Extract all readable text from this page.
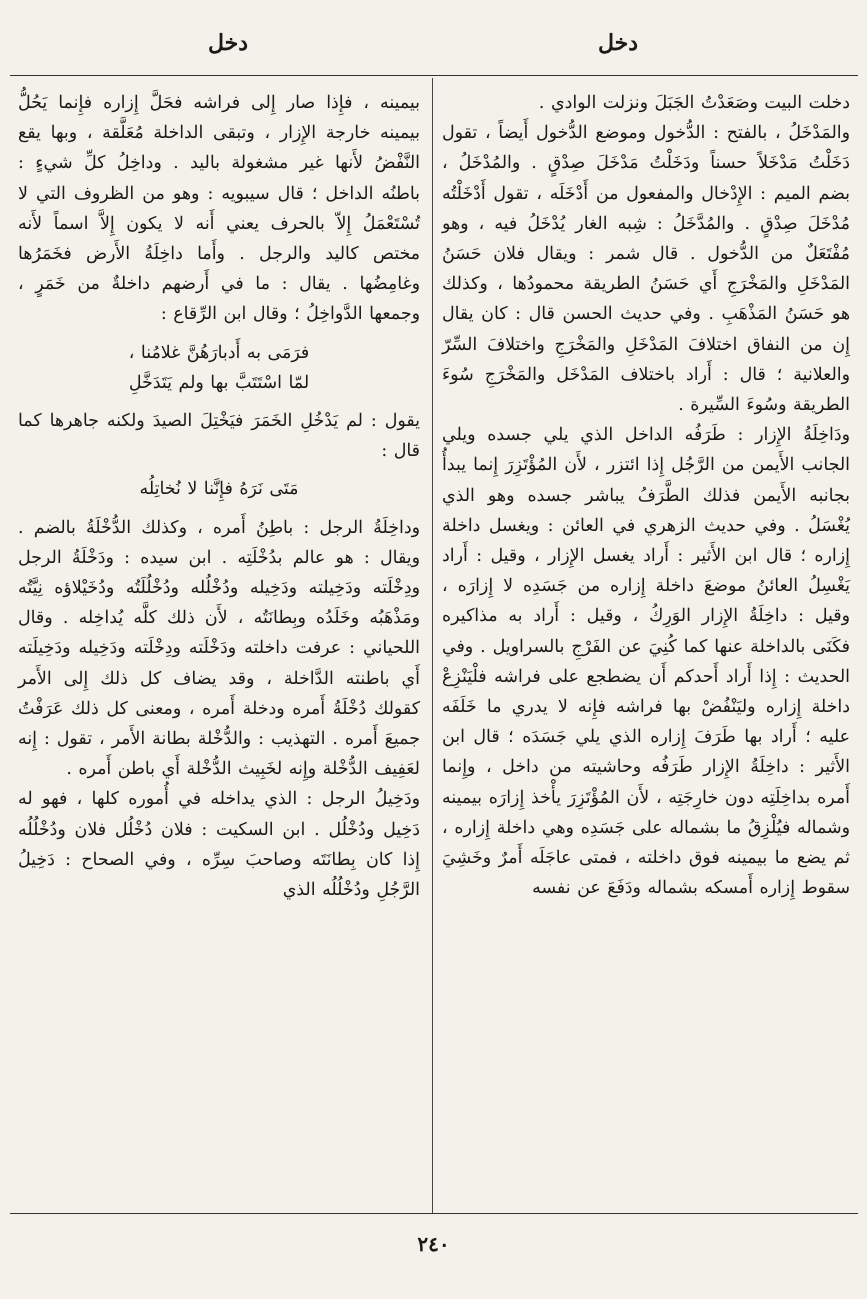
دخل
دخل

دخلت البيت وصَعَدْتُ الجَبَلَ ونزلت الوادي .

والمَدْخَلُ ، بالفتح : الدُّخول وموضع الدُّخول أَيضاً ، تقول دَخَلْتُ مَدْخَلاً حسناً ودَخَلْتُ مَدْخَلَ صِدْقٍ . والمُدْخَلُ ، بضم الميم : الإِدْخال والمفعول من أَدْخَلَه ، تقول أَدْخَلْتُه مُدْخَلَ صِدْقٍ . والمُدَّخَلُ : شِبه الغار يُدْخَلُ فيه ، وهو مُفْتَعَلٌ من الدُّخول . قال شمر : ويقال فلان حَسَنُ المَدْخَلِ والمَخْرَجِ أَي حَسَنُ الطريقة محمودُها ، وكذلك هو حَسَنُ المَذْهَبِ . وفي حديث الحسن قال : كان يقال إِن من النفاق اختلافَ المَدْخَلِ والمَخْرَجِ واختلافَ السِّرّ والعلانية ؛ قال : أَراد باختلاف المَدْخَل والمَخْرَجِ سُوءَ الطريقة وسُوءَ السِّيرة .

ودَاخِلَةُ الإِزار : طَرَفُه الداخل الذي يلي جسده ويلي الجانب الأَيمن من الرَّجُل إِذا ائتزر ، لأَن المُؤْتَزِرَ إِنما يبدأُ بجانبه الأَيمن فذلك الطَّرَفُ يباشر جسده وهو الذي يُغْسَلُ . وفي حديث الزهري في العائن : ويغسل داخلة إِزاره ؛ قال ابن الأَثير : أَراد يغسل الإِزار ، وقيل : أَراد يَغْسِلُ العائنُ موضعَ داخلة إِزاره من جَسَدِه لا إِزارَه ، وقيل : داخِلَةُ الإِزار الوَرِكُ ، وقيل : أَراد به مذاكيره فكَنَى بالداخلة عنها كما كُنِيَ عن الفَرْجِ بالسراويل . وفي الحديث : إِذا أَراد أَحدكم أَن يضطجع على فراشه فلْيَنْزِعْ داخلة إِزاره وليَنْفُضْ بها فراشه فإِنه لا يدري ما خَلَفَه عليه ؛ أَراد بها طَرَفَ إِزاره الذي يلي جَسَدَه ؛ قال ابن الأَثير : داخِلَةُ الإِزار طَرَفُه وحاشيته من داخل ، وإِنما أَمره بداخِلَتِه دون خارِجَتِه ، لأَن المُؤْتَزِرَ يأْخذ إِزارَه بيمينه وشماله فيُلْزِقُ ما بشماله على جَسَدِه وهي داخلة إِزاره ، ثم يضع ما بيمينه فوق داخلته ، فمتى عاجَلَه أَمرٌ وخَشِيَ سقوط إِزاره أَمسكه بشماله ودَفَعَ عن نفسه

بيمينه ، فإِذا صار إِلى فراشه فحَلَّ إِزاره فإِنما يَحُلُّ بيمينه خارجة الإِزار ، وتبقى الداخلة مُعَلَّقة ، وبها يقع النَّفْضُ لأَنها غير مشغولة باليد . وداخِلُ كلِّ شيءٍ : باطنُه الداخل ؛ قال سيبويه : وهو من الظروف التي لا تُسْتَعْمَلُ إِلاّ بالحرف يعني أَنه لا يكون إِلاَّ اسماً لأَنه مختص كاليد والرجل . وأَما داخِلَةُ الأَرض فخَمَرُها وغامِضُها . يقال : ما في أَرضهم داخلةٌ من خَمَرٍ ، وجمعها الدَّواخِلُ ؛ وقال ابن الرِّقاع :

فرَمَى به أَدبارَهُنَّ غلامُنا ،

لمّا اسْتَتَبَّ بها ولم يَتَدَخَّلِ

يقول : لم يَدْخُلِ الخَمَرَ فيَخْتِلَ الصيدَ ولكنه جاهرها كما قال :

مَتَى نَرَهُ فإِنَّنا لا نُخاتِلُه

وداخِلَةُ الرجل : باطِنُ أَمره ، وكذلك الدُّخْلَةُ بالضم . ويقال : هو عالم بدُخْلَتِه . ابن سيده : ودَخْلَةُ الرجل ودِخْلَته ودَخِيلته ودَخِيله ودُخْلُله ودُخْلُلَتُه ودُخَيْلاؤه نِيَّتُه ومَذْهَبُه وخَلَدُه وبِطانَتُه ، لأَن ذلك كلَّه يُداخِله . وقال اللحياني : عرفت داخلته ودَخْلَته ودِخْلَته ودَخِيله ودَخِيلَته أَي باطنته الدَّاخلة ، وقد يضاف كل ذلك إِلى الأَمر كقولك دُخْلَةُ أَمره ودخلة أَمره ، ومعنى كل ذلك عَرَفْتُ جميعَ أَمره . التهذيب : والدُّخْلة بطانة الأَمر ، تقول : إِنه لعَفِيف الدُّخْلة وإِنه لخَبِيث الدُّخْلة أَي باطن أَمره .

ودَخِيلُ الرجل : الذي يداخله في أُموره كلها ، فهو له دَخِيل ودُخْلُل . ابن السكيت : فلان دُخْلُل فلان ودُخْلُلُه إِذا كان بِطانَتَه وصاحبَ سِرِّه ، وفي الصحاح : دَخِيلُ الرَّجُلِ ودُخْلُلُه الذي

٢٤٠
